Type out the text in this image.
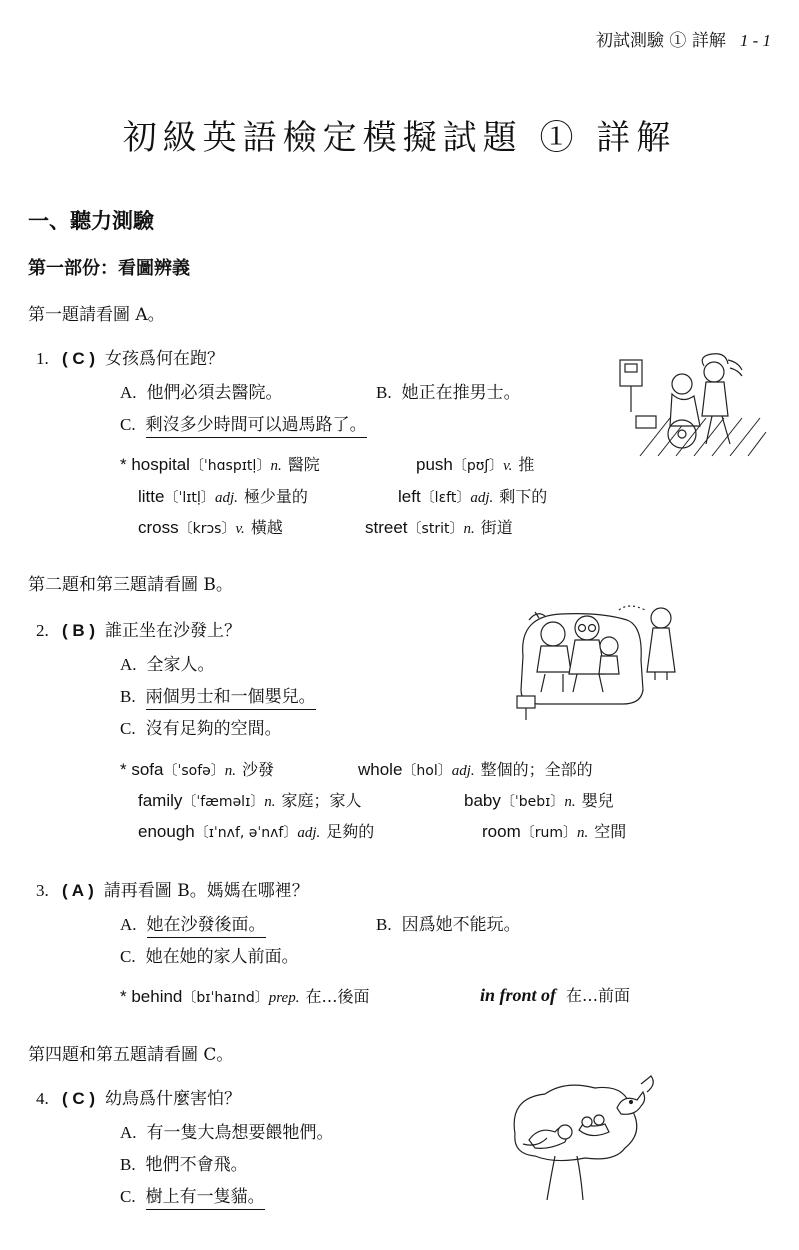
初試測驗 ① 詳解 1 - 1
初級英語檢定模擬試題 ① 詳解
一、聽力測驗
第一部份：看圖辨義
第一題請看圖 A。
1. ( C ) 女孩爲何在跑？
A. 他們必須去醫院。	B. 她正在推男士。
C. 剩沒多少時間可以過馬路了。
* hospital〔ˈhɑspɪtḷ〕n. 醫院	push〔pʊʃ〕v. 推
litte〔ˈlɪtḷ〕adj. 極少量的	left〔lɛft〕adj. 剩下的
cross〔krɔs〕v. 橫越	street〔strit〕n. 街道
第二題和第三題請看圖 B。
2. ( B ) 誰正坐在沙發上？
A. 全家人。
B. 兩個男士和一個嬰兒。
C. 沒有足夠的空間。
* sofa〔ˈsofə〕n. 沙發	whole〔hol〕adj. 整個的；全部的
family〔ˈfæməlɪ〕n. 家庭；家人	baby〔ˈbebɪ〕n. 嬰兒
enough〔ɪˈnʌf, əˈnʌf〕adj. 足夠的	room〔rum〕n. 空間
3. ( A ) 請再看圖 B。媽媽在哪裡？
A. 她在沙發後面。	B. 因爲她不能玩。
C. 她在她的家人前面。
* behind〔bɪˈhaɪnd〕prep. 在…後面	in front of 在…前面
第四題和第五題請看圖 C。
4. ( C ) 幼鳥爲什麼害怕？
A. 有一隻大鳥想要餵牠們。
B. 牠們不會飛。
C. 樹上有一隻貓。
